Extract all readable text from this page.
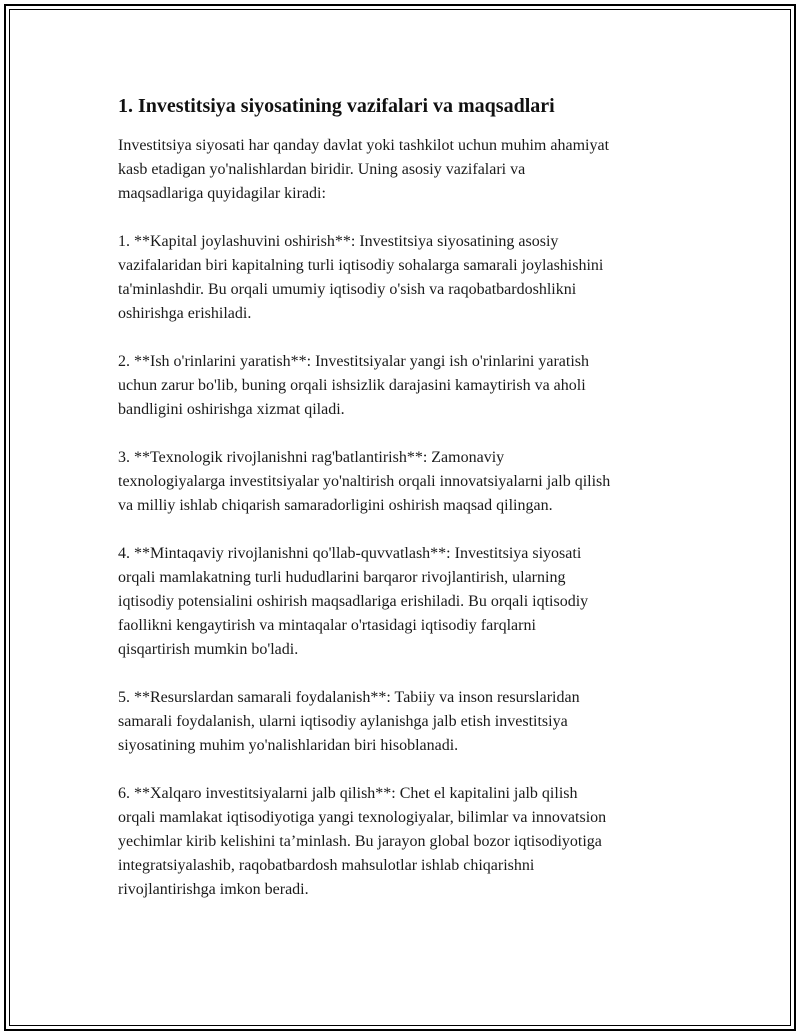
1. Investitsiya siyosatining vazifalari va maqsadlari

Investitsiya siyosati har qanday davlat yoki tashkilot uchun muhim ahamiyat
kasb etadigan yo'nalishlardan biridir. Uning asosiy vazifalari va
maqsadlariga quyidagilar kiradi:

1. **Kapital joylashuvini oshirish**: Investitsiya siyosatining asosiy
vazifalaridan biri kapitalning turli iqtisodiy sohalarga samarali joylashishini
ta'minlashdir. Bu orqali umumiy iqtisodiy o'sish va raqobatbardoshlikni
oshirishga erishiladi.

2. **Ish o'rinlarini yaratish**: Investitsiyalar yangi ish o'rinlarini yaratish
uchun zarur bo'lib, buning orqali ishsizlik darajasini kamaytirish va aholi
bandligini oshirishga xizmat qiladi.

3. **Texnologik rivojlanishni rag'batlantirish**: Zamonaviy
texnologiyalarga investitsiyalar yo'naltirish orqali innovatsiyalarni jalb qilish
va milliy ishlab chiqarish samaradorligini oshirish maqsad qilingan.

4. **Mintaqaviy rivojlanishni qo'llab-quvvatlash**: Investitsiya siyosati
orqali mamlakatning turli hududlarini barqaror rivojlantirish, ularning
iqtisodiy potensialini oshirish maqsadlariga erishiladi. Bu orqali iqtisodiy
faollikni kengaytirish va mintaqalar o'rtasidagi iqtisodiy farqlarni
qisqartirish mumkin bo'ladi.

5. **Resurslardan samarali foydalanish**: Tabiiy va inson resurslaridan
samarali foydalanish, ularni iqtisodiy aylanishga jalb etish investitsiya
siyosatining muhim yo'nalishlaridan biri hisoblanadi.

6. **Xalqaro investitsiyalarni jalb qilish**: Chet el kapitalini jalb qilish
orqali mamlakat iqtisodiyotiga yangi texnologiyalar, bilimlar va innovatsion
yechimlar kirib kelishini ta’minlash. Bu jarayon global bozor iqtisodiyotiga
integratsiyalashib, raqobatbardosh mahsulotlar ishlab chiqarishni
rivojlantirishga imkon beradi.
